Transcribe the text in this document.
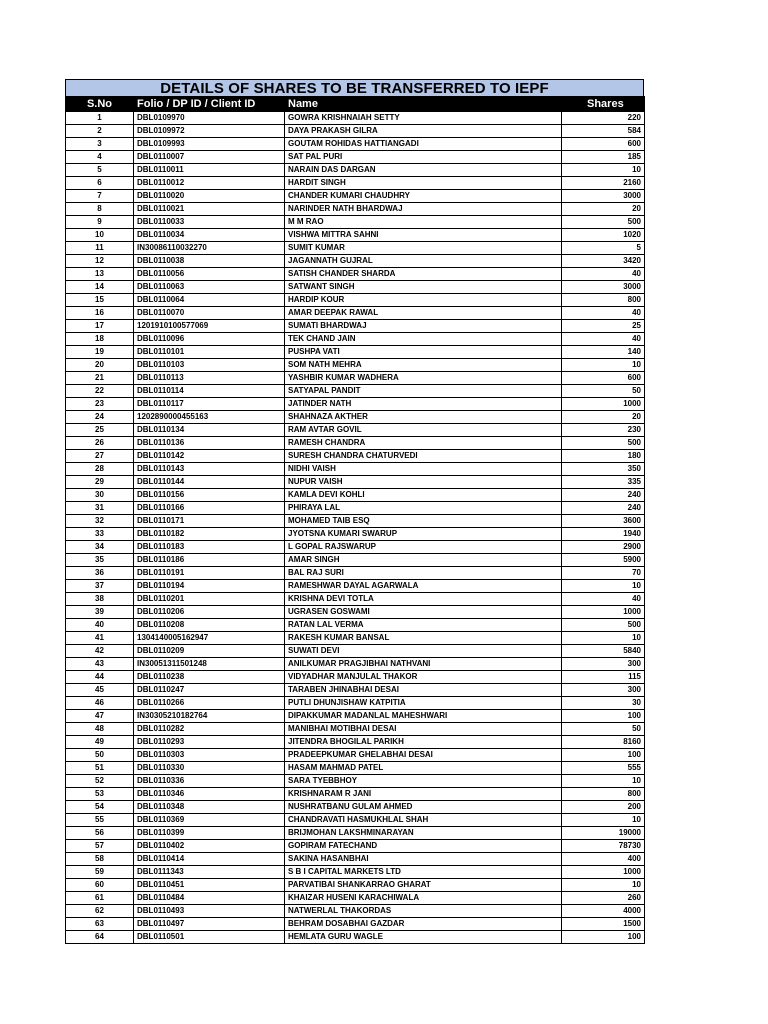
DETAILS OF SHARES TO BE TRANSFERRED TO IEPF
S.No	Folio / DP ID / Client ID	Name	Shares
1	DBL0109970	GOWRA KRISHNAIAH SETTY	220
2	DBL0109972	DAYA PRAKASH GILRA	584
3	DBL0109993	GOUTAM ROHIDAS HATTIANGADI	600
4	DBL0110007	SAT PAL PURI	185
5	DBL0110011	NARAIN DAS DARGAN	10
6	DBL0110012	HARDIT SINGH	2160
7	DBL0110020	CHANDER KUMARI CHAUDHRY	3000
8	DBL0110021	NARINDER NATH BHARDWAJ	20
9	DBL0110033	M M RAO	500
10	DBL0110034	VISHWA MITTRA SAHNI	1020
11	IN30086110032270	SUMIT KUMAR	5
12	DBL0110038	JAGANNATH GUJRAL	3420
13	DBL0110056	SATISH CHANDER SHARDA	40
14	DBL0110063	SATWANT SINGH	3000
15	DBL0110064	HARDIP KOUR	800
16	DBL0110070	AMAR DEEPAK RAWAL	40
17	1201910100577069	SUMATI BHARDWAJ	25
18	DBL0110096	TEK CHAND JAIN	40
19	DBL0110101	PUSHPA VATI	140
20	DBL0110103	SOM NATH MEHRA	10
21	DBL0110113	YASHBIR KUMAR WADHERA	600
22	DBL0110114	SATYAPAL PANDIT	50
23	DBL0110117	JATINDER NATH	1000
24	1202890000455163	SHAHNAZA AKTHER	20
25	DBL0110134	RAM AVTAR GOVIL	230
26	DBL0110136	RAMESH CHANDRA	500
27	DBL0110142	SURESH CHANDRA CHATURVEDI	180
28	DBL0110143	NIDHI VAISH	350
29	DBL0110144	NUPUR VAISH	335
30	DBL0110156	KAMLA DEVI KOHLI	240
31	DBL0110166	PHIRAYA LAL	240
32	DBL0110171	MOHAMED TAIB ESQ	3600
33	DBL0110182	JYOTSNA KUMARI SWARUP	1940
34	DBL0110183	L GOPAL RAJSWARUP	2900
35	DBL0110186	AMAR SINGH	5900
36	DBL0110191	BAL RAJ SURI	70
37	DBL0110194	RAMESHWAR DAYAL AGARWALA	10
38	DBL0110201	KRISHNA DEVI TOTLA	40
39	DBL0110206	UGRASEN GOSWAMI	1000
40	DBL0110208	RATAN LAL VERMA	500
41	1304140005162947	RAKESH KUMAR BANSAL	10
42	DBL0110209	SUWATI DEVI	5840
43	IN30051311501248	ANILKUMAR PRAGJIBHAI NATHVANI	300
44	DBL0110238	VIDYADHAR MANJULAL THAKOR	115
45	DBL0110247	TARABEN JHINABHAI DESAI	300
46	DBL0110266	PUTLI DHUNJISHAW KATPITIA	30
47	IN30305210182764	DIPAKKUMAR MADANLAL MAHESHWARI	100
48	DBL0110282	MANIBHAI MOTIBHAI DESAI	50
49	DBL0110293	JITENDRA BHOGILAL PARIKH	8160
50	DBL0110303	PRADEEPKUMAR GHELABHAI DESAI	100
51	DBL0110330	HASAM MAHMAD PATEL	555
52	DBL0110336	SARA TYEBBHOY	10
53	DBL0110346	KRISHNARAM R JANI	800
54	DBL0110348	NUSHRATBANU GULAM AHMED	200
55	DBL0110369	CHANDRAVATI HASMUKHLAL SHAH	10
56	DBL0110399	BRIJMOHAN LAKSHMINARAYAN	19000
57	DBL0110402	GOPIRAM FATECHAND	78730
58	DBL0110414	SAKINA HASANBHAI	400
59	DBL0111343	S B I CAPITAL MARKETS LTD	1000
60	DBL0110451	PARVATIBAI SHANKARRAO GHARAT	10
61	DBL0110484	KHAIZAR HUSENI KARACHIWALA	260
62	DBL0110493	NATWERLAL THAKORDAS	4000
63	DBL0110497	BEHRAM DOSABHAI GAZDAR	1500
64	DBL0110501	HEMLATA GURU WAGLE	100
